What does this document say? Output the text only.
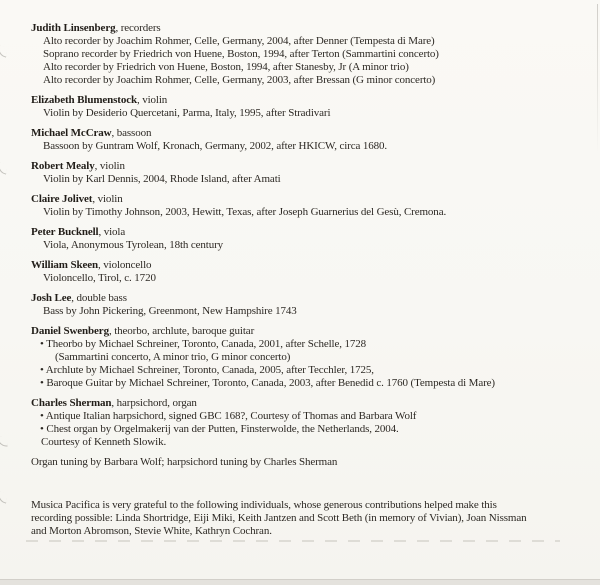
Judith Linsenberg, recorders
Alto recorder by Joachim Rohmer, Celle, Germany, 2004, after Denner (Tempesta di Mare)
Soprano recorder by Friedrich von Huene, Boston, 1994, after Terton (Sammartini concerto)
Alto recorder by Friedrich von Huene, Boston, 1994, after Stanesby, Jr (A minor trio)
Alto recorder by Joachim Rohmer, Celle, Germany, 2003, after Bressan (G minor concerto)
Elizabeth Blumenstock, violin
Violin by Desiderio Quercetani, Parma, Italy, 1995, after Stradivari
Michael McCraw, bassoon
Bassoon by Guntram Wolf, Kronach, Germany, 2002, after HKICW, circa 1680.
Robert Mealy, violin
Violin by Karl Dennis, 2004, Rhode Island, after Amati
Claire Jolivet, violin
Violin by Timothy Johnson, 2003, Hewitt, Texas, after Joseph Guarnerius del Gesù, Cremona.
Peter Bucknell, viola
Viola, Anonymous Tyrolean, 18th century
William Skeen, violoncello
Violoncello, Tirol, c. 1720
Josh Lee, double bass
Bass by John Pickering, Greenmont, New Hampshire 1743
Daniel Swenberg, theorbo, archlute, baroque guitar
• Theorbo by Michael Schreiner, Toronto, Canada, 2001, after Schelle, 1728
(Sammartini concerto, A minor trio, G minor concerto)
• Archlute by Michael Schreiner, Toronto, Canada, 2005, after Tecchler, 1725,
• Baroque Guitar by Michael Schreiner, Toronto, Canada, 2003, after Benedid c. 1760 (Tempesta di Mare)
Charles Sherman, harpsichord, organ
• Antique Italian harpsichord, signed GBC 168?, Courtesy of Thomas and Barbara Wolf
• Chest organ by Orgelmakerij van der Putten, Finsterwolde, the Netherlands, 2004.
Courtesy of Kenneth Slowik.

Organ tuning by Barbara Wolf; harpsichord tuning by Charles Sherman

Musica Pacifica is very grateful to the following individuals, whose generous contributions helped make this recording possible: Linda Shortridge, Eiji Miki, Keith Jantzen and Scott Beth (in memory of Vivian), Joan Nissman and Morton Abromson, Stevie White, Kathryn Cochran.
